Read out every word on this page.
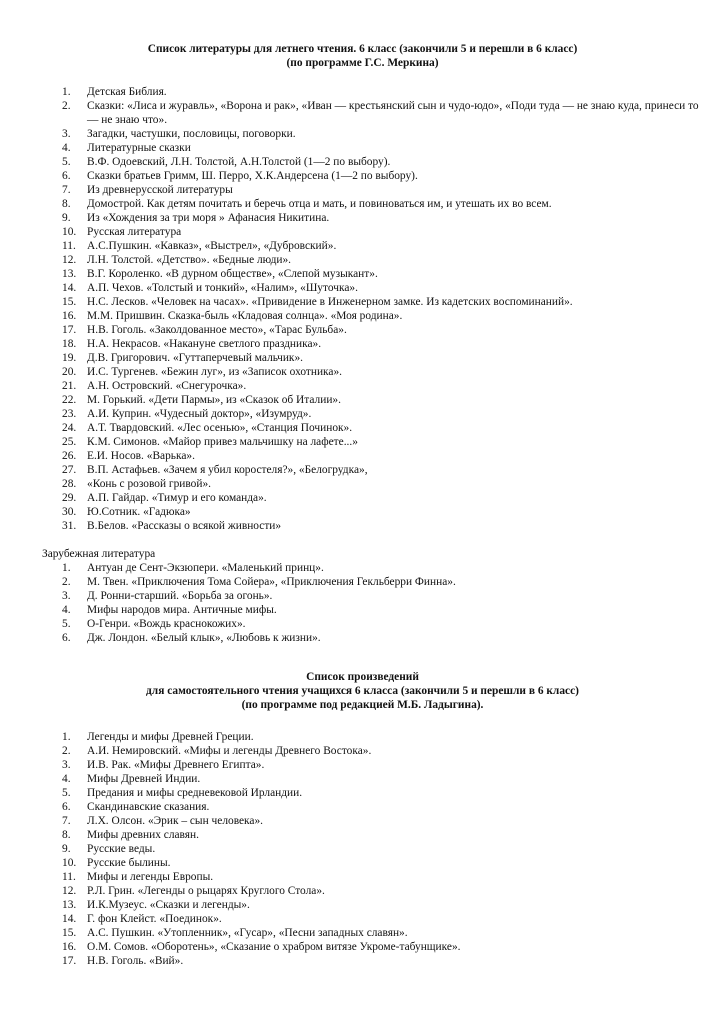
Список литературы для летнего чтения. 6 класс (закончили 5 и перешли в 6 класс)
(по программе Г.С. Меркина)
1.	Детская Библия.
2.	Сказки: «Лиса и журавль», «Ворона и рак», «Иван — крестьянский сын и чудо-юдо», «Поди туда — не знаю куда, принеси то — не знаю что».
3.	Загадки, частушки, пословицы, поговорки.
4.	Литературные сказки
5.	В.Ф. Одоевский, Л.Н. Толстой, А.Н.Толстой (1—2 по выбору).
6.	Сказки братьев Гримм, Ш. Перро, Х.К.Андерсена (1—2 по выбору).
7.	Из древнерусской литературы
8.	Домострой. Как детям почитать и беречь отца и мать, и повиноваться им, и утешать их во всем.
9.	Из «Хождения за три моря » Афанасия Никитина.
10. Русская литература
11. А.С.Пушкин. «Кавказ», «Выстрел», «Дубровский».
12. Л.Н. Толстой. «Детство». «Бедные люди».
13. В.Г. Короленко. «В дурном обществе», «Слепой музыкант».
14. А.П. Чехов. «Толстый и тонкий», «Налим», «Шуточка».
15. Н.С. Лесков. «Человек на часах». «Привидение в Инженерном замке. Из кадетских воспоминаний».
16. М.М. Пришвин. Сказка-быль «Кладовая солнца». «Моя родина».
17. Н.В. Гоголь. «Заколдованное место», «Тарас Бульба».
18. Н.А. Некрасов. «Накануне светлого праздника».
19. Д.В. Григорович. «Гуттаперчевый мальчик».
20. И.С. Тургенев. «Бежин луг», из «Записок охотника».
21. А.Н. Островский. «Снегурочка».
22. М. Горький. «Дети Пармы», из «Сказок об Италии».
23. А.И. Куприн. «Чудесный доктор», «Изумруд».
24. А.Т. Твардовский. «Лес осенью», «Станция Починок».
25. К.М. Симонов. «Майор привез мальчишку на лафете...»
26. Е.И. Носов. «Варька».
27. В.П. Астафьев. «Зачем я убил коростеля?», «Белогрудка»,
28. «Конь с розовой гривой».
29. А.П. Гайдар. «Тимур и его команда».
30. Ю.Сотник. «Гадюка»
31. В.Белов. «Рассказы о всякой живности»
Зарубежная литература
1.	Антуан де Сент-Экзюпери. «Маленький принц».
2.	М. Твен. «Приключения Тома Сойера», «Приключения Гекльберри Финна».
3.	Д. Ронни-старший. «Борьба за огонь».
4.	Мифы народов мира. Античные мифы.
5.	О-Генри. «Вождь краснокожих».
6.	Дж. Лондон. «Белый клык», «Любовь к жизни».
Список произведений
для самостоятельного чтения учащихся 6 класса (закончили 5 и перешли в 6 класс)
(по программе под редакцией М.Б. Ладыгина).
1.	Легенды и мифы Древней Греции.
2.	А.И. Немировский. «Мифы и легенды Древнего Востока».
3.	И.В. Рак. «Мифы Древнего Египта».
4.	Мифы Древней Индии.
5.	Предания и мифы средневековой Ирландии.
6.	Скандинавские сказания.
7.	Л.Х. Олсон. «Эрик – сын человека».
8.	Мифы древних славян.
9.	Русские веды.
10. Русские былины.
11. Мифы и легенды Европы.
12. Р.Л. Грин. «Легенды о рыцарях Круглого Стола».
13. И.К.Музеус. «Сказки и легенды».
14. Г. фон Клейст. «Поединок».
15. А.С. Пушкин. «Утопленник», «Гусар», «Песни западных славян».
16. О.М. Сомов. «Оборотень», «Сказание о храбром витязе Укроме-табунщике».
17. Н.В. Гоголь. «Вий».
